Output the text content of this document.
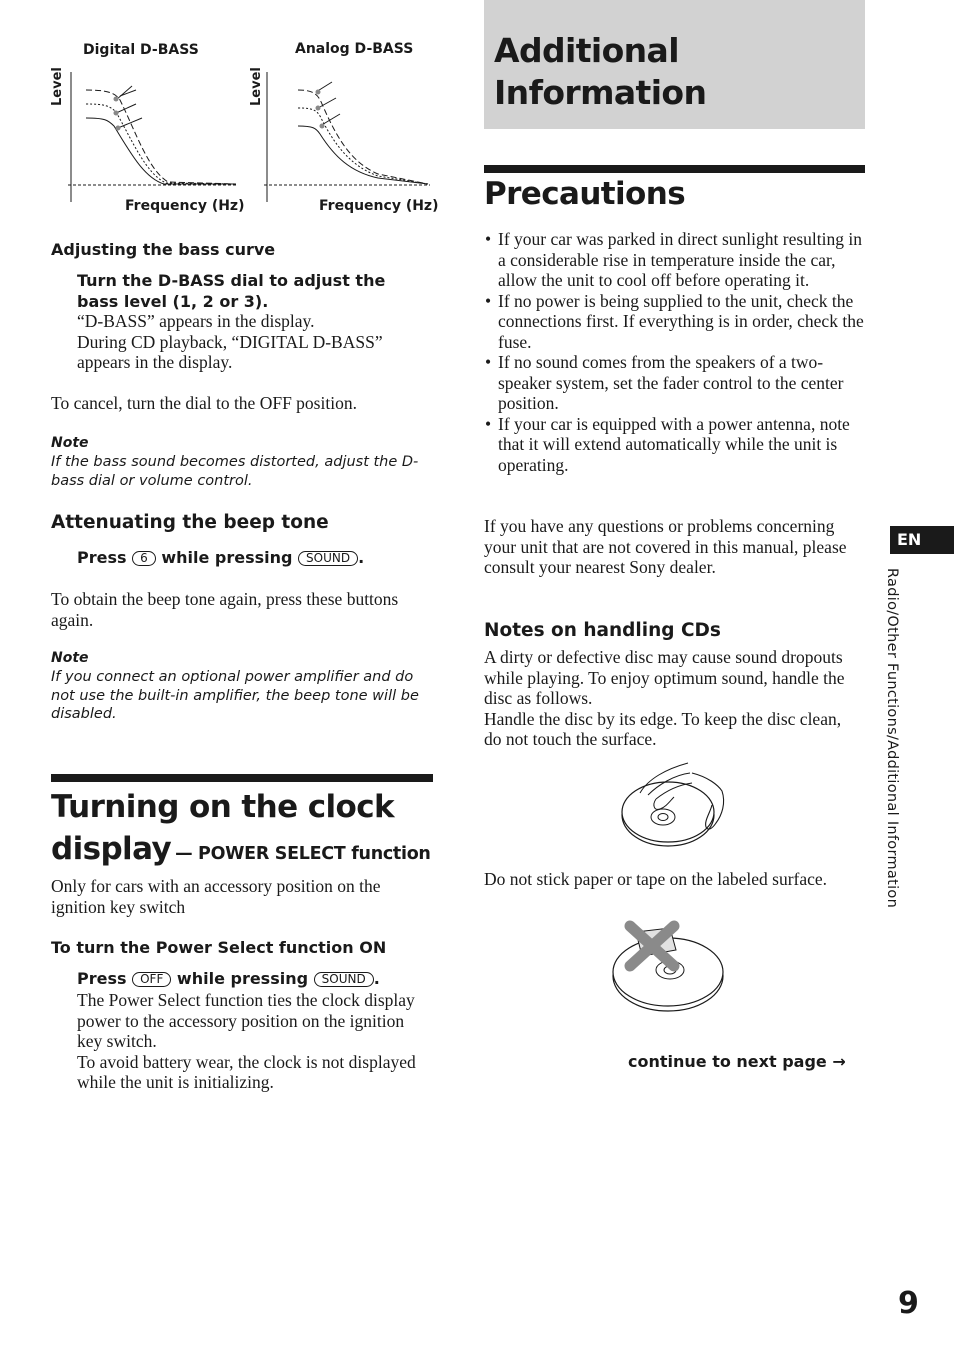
Digital D-BASS	Analog D-BASS
Level	Level
Frequency (Hz)	Frequency (Hz)
Adjusting the bass curve
Turn the D-BASS dial to adjust the bass level (1, 2 or 3).
“D-BASS” appears in the display.
During CD playback, “DIGITAL D-BASS” appears in the display.
To cancel, turn the dial to the OFF position.
Note
If the bass sound becomes distorted, adjust the D-bass dial or volume control.
Attenuating the beep tone
Press 6 while pressing SOUND .
To obtain the beep tone again, press these buttons again.
Note
If you connect an optional power amplifier and do not use the built-in amplifier, the beep tone will be disabled.
Turning on the clock
display — POWER SELECT function
Only for cars with an accessory position on the ignition key switch
To turn the Power Select function ON
Press OFF while pressing SOUND .
The Power Select function ties the clock display power to the accessory position on the ignition key switch.
To avoid battery wear, the clock is not displayed while the unit is initializing.
Additional
Information
Precautions
• If your car was parked in direct sunlight resulting in a considerable rise in temperature inside the car, allow the unit to cool off before operating it.
• If no power is being supplied to the unit, check the connections first. If everything is in order, check the fuse.
• If no sound comes from the speakers of a two-speaker system, set the fader control to the center position.
• If your car is equipped with a power antenna, note that it will extend automatically while the unit is operating.
If you have any questions or problems concerning your unit that are not covered in this manual, please consult your nearest Sony dealer.
Notes on handling CDs
A dirty or defective disc may cause sound dropouts while playing. To enjoy optimum sound, handle the disc as follows.
Handle the disc by its edge. To keep the disc clean, do not touch the surface.
Do not stick paper or tape on the labeled surface.
continue to next page →
EN
Radio/Other Functions/Additional Information
9
